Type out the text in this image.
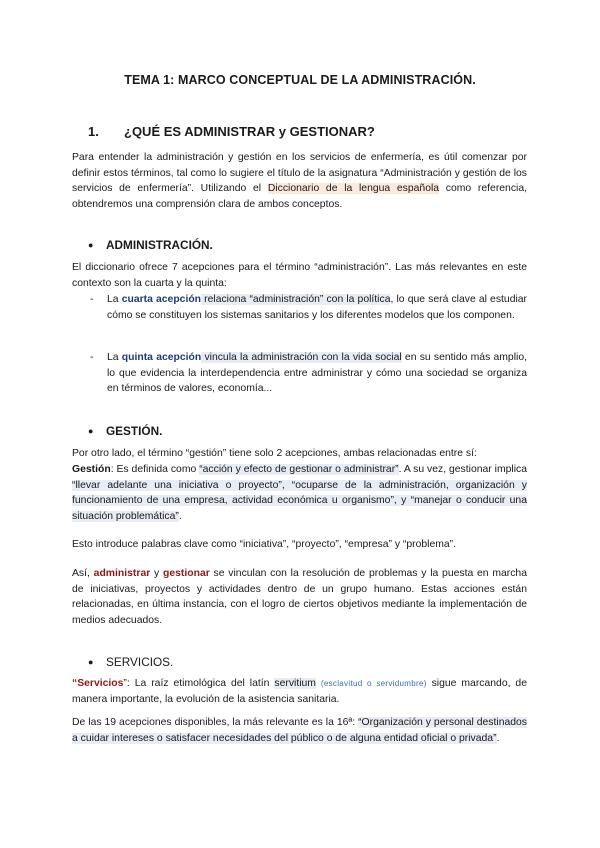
TEMA 1: MARCO CONCEPTUAL DE LA ADMINISTRACIÓN.
1. ¿QUÉ ES ADMINISTRAR y GESTIONAR?
Para entender la administración y gestión en los servicios de enfermería, es útil comenzar por definir estos términos, tal como lo sugiere el título de la asignatura “Administración y gestión de los servicios de enfermería”. Utilizando el Diccionario de la lengua española como referencia, obtendremos una comprensión clara de ambos conceptos.
● ADMINISTRACIÓN.
El diccionario ofrece 7 acepciones para el término “administración”. Las más relevantes en este contexto son la cuarta y la quinta:
- La cuarta acepción relaciona “administración” con la política, lo que será clave al estudiar cómo se constituyen los sistemas sanitarios y los diferentes modelos que los componen.
- La quinta acepción vincula la administración con la vida social en su sentido más amplio, lo que evidencia la interdependencia entre administrar y cómo una sociedad se organiza en términos de valores, economía...
● GESTIÓN.
Por otro lado, el término “gestión” tiene solo 2 acepciones, ambas relacionadas entre sí:
Gestión: Es definida como “acción y efecto de gestionar o administrar”. A su vez, gestionar implica “llevar adelante una iniciativa o proyecto”, “ocuparse de la administración, organización y funcionamiento de una empresa, actividad económica u organismo”, y “manejar o conducir una situación problemática”.
Esto introduce palabras clave como “iniciativa”, “proyecto”, “empresa” y “problema”.
Así, administrar y gestionar se vinculan con la resolución de problemas y la puesta en marcha de iniciativas, proyectos y actividades dentro de un grupo humano. Estas acciones están relacionadas, en última instancia, con el logro de ciertos objetivos mediante la implementación de medios adecuados.
● SERVICIOS.
“Servicios”: La raíz etimológica del latín servitium (esclavitud o servidumbre) sigue marcando, de manera importante, la evolución de la asistencia sanitaria.
De las 19 acepciones disponibles, la más relevante es la 16ª: “Organización y personal destinados a cuidar intereses o satisfacer necesidades del público o de alguna entidad oficial o privada”.
